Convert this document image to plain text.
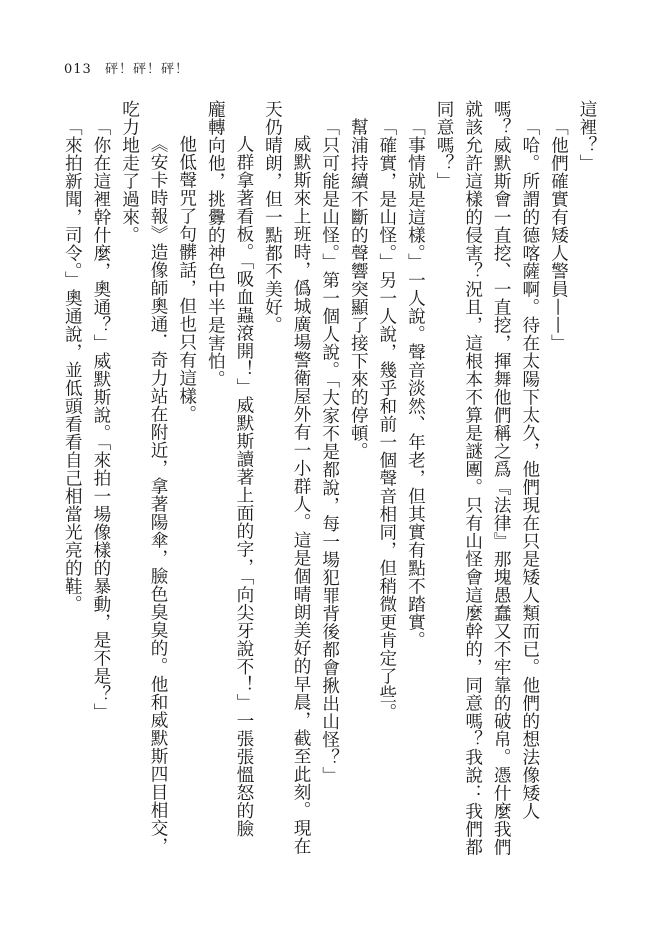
013 砰！砰！砰！

這裡？」

「他們確實有矮人警員——」

「哈。所謂的德喀薩啊。待在太陽下太久，他們現在只是矮人類而已。他們的想法像矮人

嗎？威默斯會一直挖、一直挖，揮舞他們稱之爲『法律』那塊愚蠢又不牢靠的破帛。憑什麼我們

就該允許這樣的侵害？況且，這根本不算是謎團。只有山怪會這麼幹的，同意嗎？我說：我們都

同意嗎？」

「事情就是這樣。」一人說。聲音淡然、年老，但其實有點不踏實。

「確實，是山怪。」另一人說，幾乎和前一個聲音相同，但稍微更肯定了些。

幫浦持續不斷的聲響突顯了接下來的停頓。

「只可能是山怪。」第一個人說。「大家不是都說，每一場犯罪背後都會揪出山怪？」

威默斯來上班時，僞城廣場警衛屋外有一小群人。這是個晴朗美好的早晨，截至此刻。現在

天仍晴朗，但一點都不美好。

人群拿著看板。「吸血蟲滾開！」威默斯讀著上面的字，「向尖牙說不！」一張張慍怒的臉

龐轉向他，挑釁的神色中半是害怕。

他低聲咒了句髒話，但也只有這樣。

《安卡時報》造像師奧通．奇力站在附近，拿著陽傘，臉色臭臭的。他和威默斯四目相交，

吃力地走了過來。

「你在這裡幹什麼，奧通？」威默斯說。「來拍一場像樣的暴動，是不是？」

「來拍新聞，司令。」奧通說，並低頭看看自己相當光亮的鞋。
